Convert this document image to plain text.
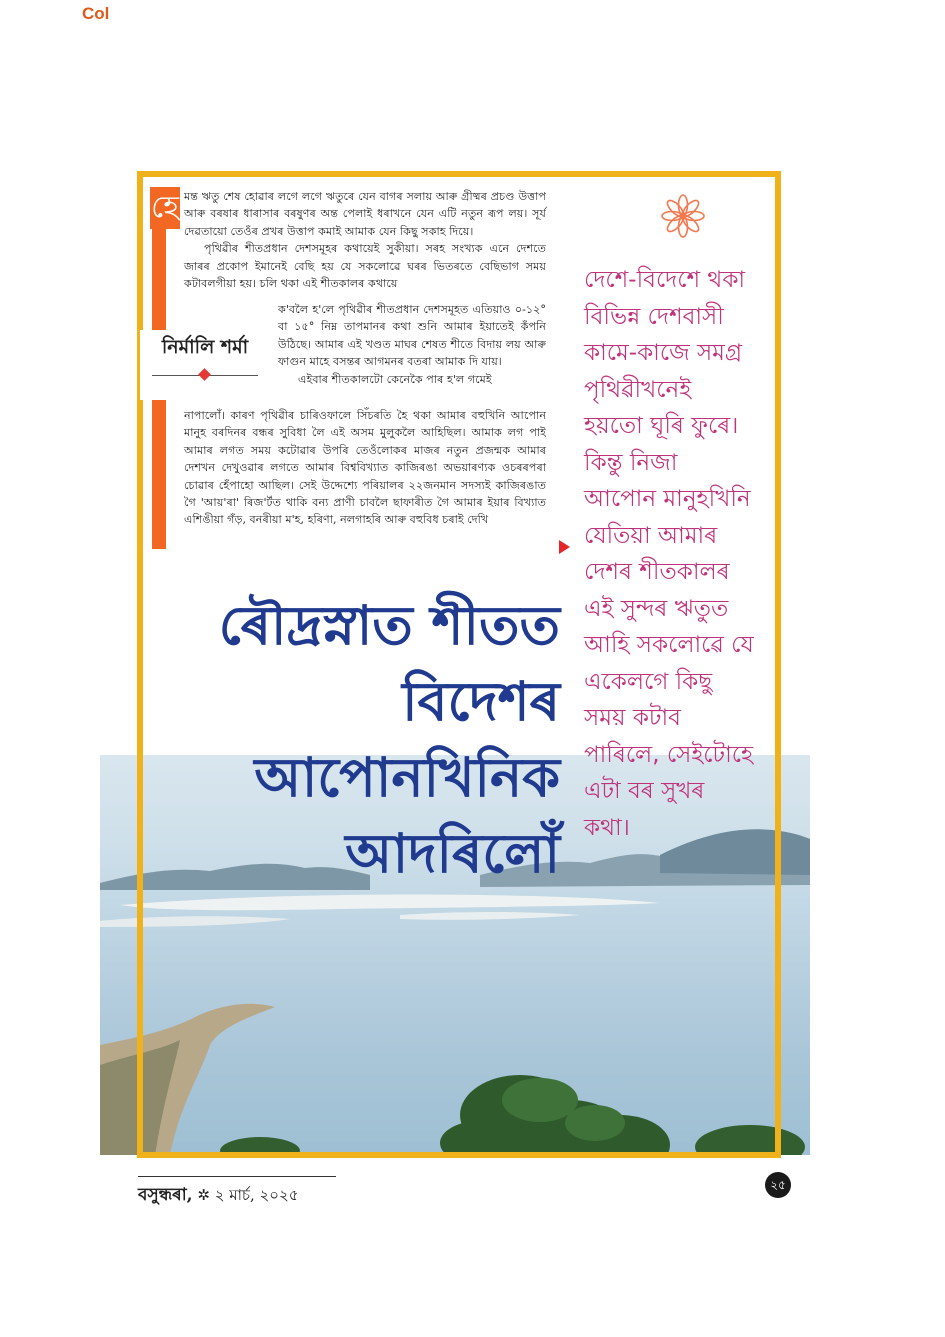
Col
হে মন্ত ঋতু শেষ হোৱাৰ লগে লগে ঋতুৰে যেন বাগৰ সলায় আৰু গ্ৰীষ্মৰ প্ৰচণ্ড উত্তাপ আৰু বৰষাৰ ধাৰাসাৰ বৰষুণৰ অন্ত পেলাই ধৰাখনে যেন এটি নতুন ৰূপ লয়। সূৰ্য দেৱতায়ো তেওঁৰ প্ৰখৰ উত্তাপ কমাই আমাক যেন কিছু সকাহ দিয়ে।

পৃথিৱীৰ শীতপ্ৰধান দেশসমূহৰ কথায়েই সুকীয়া। সৰহ সংখ্যক এনে দেশতে জাৰৰ প্ৰকোপ ইমানেই বেছি হয় যে সকলোৱে ঘৰৰ ভিতৰতে বেছিভাগ সময় কটাবলগীয়া হয়। চলি থকা এই শীতকালৰ কথায়ে

ক'বলৈ হ'লে পৃথিৱীৰ শীতপ্ৰধান দেশসমূহত এতিয়াও ০-১২° বা ১৫° নিম্ন তাপমানৰ কথা শুনি আমাৰ ইয়াতেই কঁপনি উঠিছে। আমাৰ এই খণ্ডত মাঘৰ শেষত শীতে বিদায় লয় আৰু ফাগুন মাহে বসন্তৰ আগমনৰ বতৰা আমাক দি যায়।

এইবাৰ শীতকালটো কেনেকৈ পাৰ হ'ল গমেই

নাপালোঁ। কাৰণ পৃথিৱীৰ চাৰিওফালে সিঁচৰতি হৈ থকা আমাৰ বহুখিনি আপোন মানুহ বৰদিনৰ বন্ধৰ সুবিধা লৈ এই অসম মুলুকলৈ আহিছিল। আমাক লগ পাই আমাৰ লগত সময় কটোৱাৰ উপৰি তেওঁলোকৰ মাজৰ নতুন প্ৰজন্মক আমাৰ দেশখন দেখুওৱাৰ লগতে আমাৰ বিশ্ববিখ্যাত কাজিৰঙা অভয়াৰণ্যক ওচৰৰপৰা চোৱাৰ হেঁপাহো আছিল। সেই উদ্দেশ্যে পৰিয়ালৰ ২২জনমান সদস্যই কাজিৰঙাত গৈ 'আয়'ৰা' ৰিজ'ৰ্টত থাকি বন্য প্ৰাণী চাবলৈ ছাফাৰীত গৈ আমাৰ ইয়াৰ বিখ্যাত এশিঙীয়া গঁড়, বনৰীয়া ম'হ, হৰিণা, নলগাহৰি আৰু বহুবিধ চৰাই দেখি

নিৰ্মালি শৰ্মা
দেশে-বিদেশে থকা
বিভিন্ন দেশবাসী
কামে-কাজে সমগ্ৰ
পৃথিৱীখনেই
হয়তো ঘূৰি ফুৰে।
কিন্তু নিজা
আপোন মানুহখিনি
যেতিয়া আমাৰ
দেশৰ শীতকালৰ
এই সুন্দৰ ঋতুত
আহি সকলোৱে যে
একেলগে কিছু
সময় কটাব
পাৰিলে, সেইটোহে
এটা বৰ সুখৰ
কথা।
ৰৌদ্ৰস্নাত শীতত
বিদেশৰ
আপোনখিনিক
আদৰিলোঁ
বসুন্ধৰা, ✲ ২ মাৰ্চ, ২০২৫
২৫
